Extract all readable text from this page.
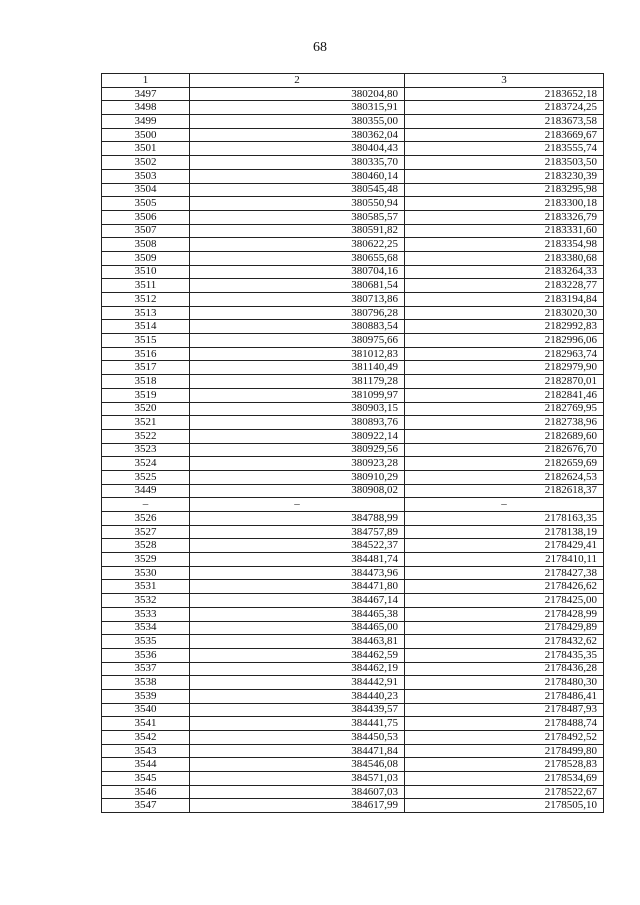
68
1	2	3
3497	380204,80	2183652,18
3498	380315,91	2183724,25
3499	380355,00	2183673,58
3500	380362,04	2183669,67
3501	380404,43	2183555,74
3502	380335,70	2183503,50
3503	380460,14	2183230,39
3504	380545,48	2183295,98
3505	380550,94	2183300,18
3506	380585,57	2183326,79
3507	380591,82	2183331,60
3508	380622,25	2183354,98
3509	380655,68	2183380,68
3510	380704,16	2183264,33
3511	380681,54	2183228,77
3512	380713,86	2183194,84
3513	380796,28	2183020,30
3514	380883,54	2182992,83
3515	380975,66	2182996,06
3516	381012,83	2182963,74
3517	381140,49	2182979,90
3518	381179,28	2182870,01
3519	381099,97	2182841,46
3520	380903,15	2182769,95
3521	380893,76	2182738,96
3522	380922,14	2182689,60
3523	380929,56	2182676,70
3524	380923,28	2182659,69
3525	380910,29	2182624,53
3449	380908,02	2182618,37
–	–	–
3526	384788,99	2178163,35
3527	384757,89	2178138,19
3528	384522,37	2178429,41
3529	384481,74	2178410,11
3530	384473,96	2178427,38
3531	384471,80	2178426,62
3532	384467,14	2178425,00
3533	384465,38	2178428,99
3534	384465,00	2178429,89
3535	384463,81	2178432,62
3536	384462,59	2178435,35
3537	384462,19	2178436,28
3538	384442,91	2178480,30
3539	384440,23	2178486,41
3540	384439,57	2178487,93
3541	384441,75	2178488,74
3542	384450,53	2178492,52
3543	384471,84	2178499,80
3544	384546,08	2178528,83
3545	384571,03	2178534,69
3546	384607,03	2178522,67
3547	384617,99	2178505,10
